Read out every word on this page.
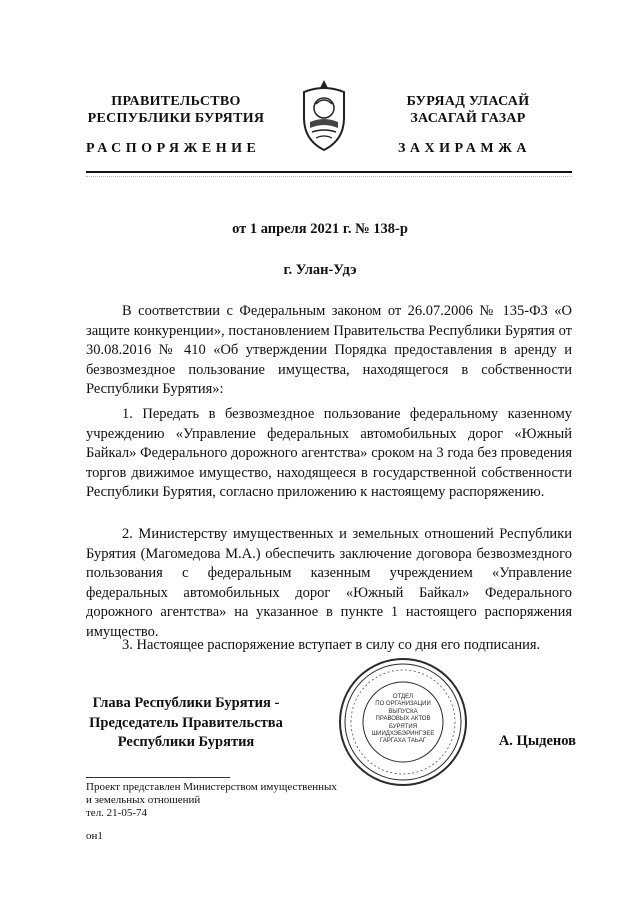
ПРАВИТЕЛЬСТВО
РЕСПУБЛИКИ БУРЯТИЯ
БУРЯАД УЛАСАЙ
ЗАСАГАЙ ГАЗАР
РАСПОРЯЖЕНИЕ	ЗАХИРАМЖА
от 1 апреля 2021 г. № 138-р
г. Улан-Удэ
В соответствии с Федеральным законом от 26.07.2006 № 135-ФЗ «О защите конкуренции», постановлением Правительства Республики Бурятия от 30.08.2016 № 410 «Об утверждении Порядка предоставления в аренду и безвозмездное пользование имущества, находящегося в собственности Республики Бурятия»:
1. Передать в безвозмездное пользование федеральному казенному учреждению «Управление федеральных автомобильных дорог «Южный Байкал» Федерального дорожного агентства» сроком на 3 года без проведения торгов движимое имущество, находящееся в государственной собственности Республики Бурятия, согласно приложению к настоящему распоряжению.
2. Министерству имущественных и земельных отношений Республики Бурятия (Магомедова М.А.) обеспечить заключение договора безвозмездного пользования с федеральным казенным учреждением «Управление федеральных автомобильных дорог «Южный Байкал» Федерального дорожного агентства» на указанное в пункте 1 настоящего распоряжения имущество.
3. Настоящее распоряжение вступает в силу со дня его подписания.
Глава Республики Бурятия -
Председатель Правительства
Республики Бурятия
ОТДЕЛ
ПО ОРГАНИЗАЦИИ
ВЫПУСКА
ПРАВОВЫХ АКТОВ
БУРЯТИЯ
ШИИДХЭБЭРИНГЭЕЕ
ГАРГАХА ТАЬАГ	А. Цыденов
Проект представлен Министерством имущественных
и земельных отношений
тел. 21-05-74
он1
